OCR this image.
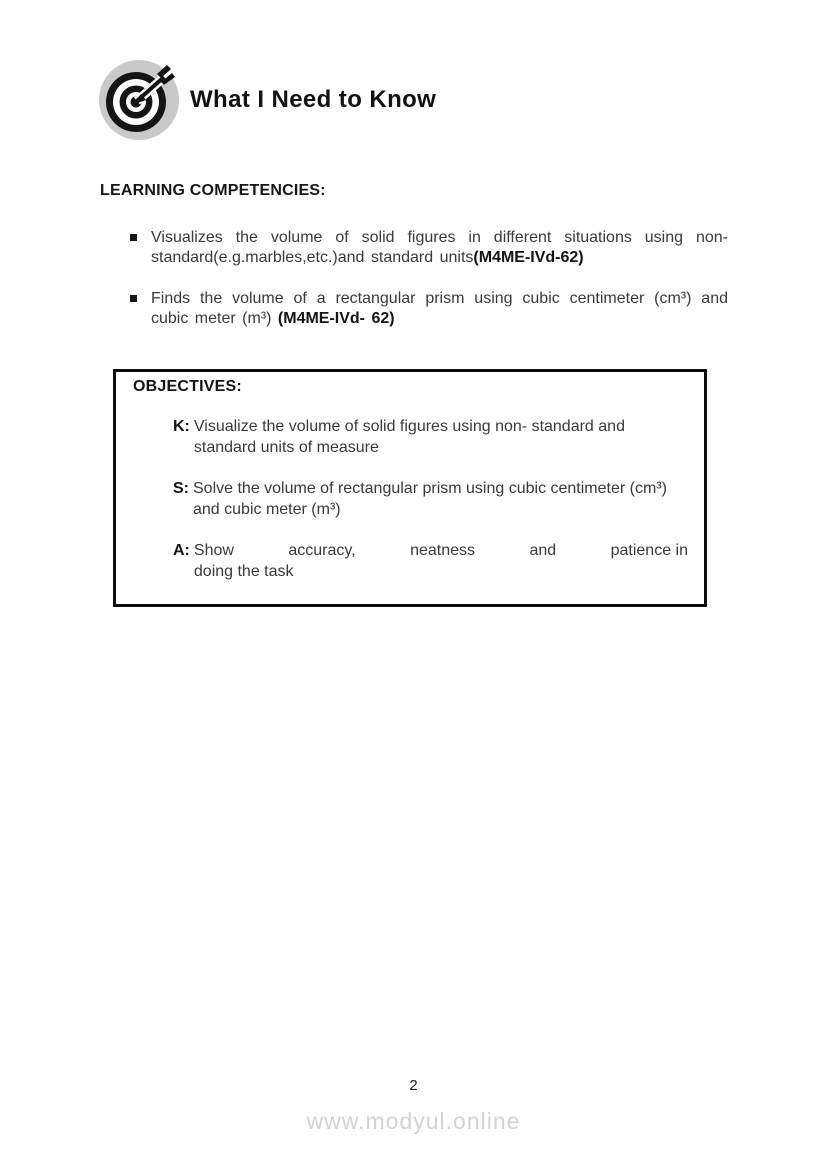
What I Need to Know
LEARNING COMPETENCIES:

Visualizes the volume of solid figures in different situations using non-standard(e.g.marbles,etc.)and standard units(M4ME-IVd-62)

Finds the volume of a rectangular prism using cubic centimeter (cm³) and cubic meter (m³) (M4ME-IVd- 62)

OBJECTIVES:
K: Visualize the volume of solid figures using non- standard and standard units of measure

S: Solve the volume of rectangular prism using cubic centimeter (cm³) and cubic meter (m³)

A: Show	accuracy,	neatness	and	patience in
doing the task
2
www.modyul.online
